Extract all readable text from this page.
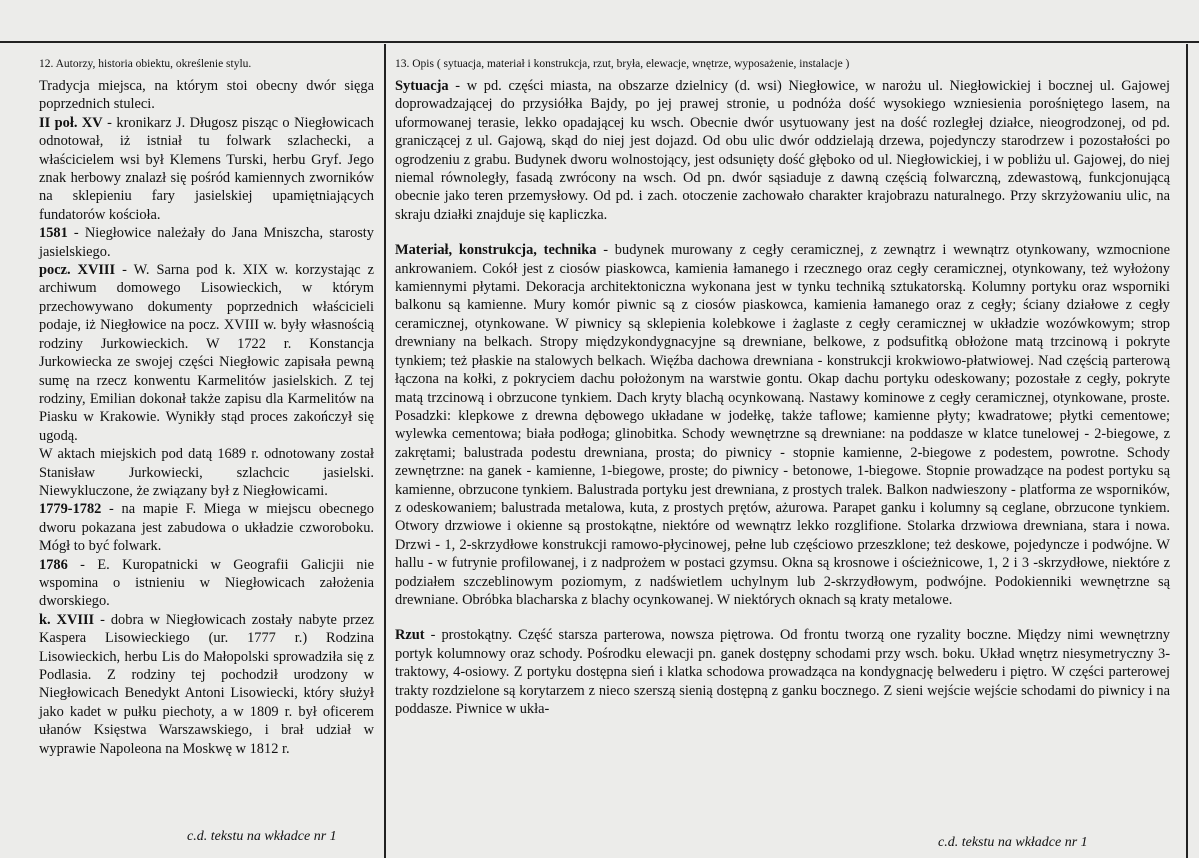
12. Autorzy, historia obiektu, określenie stylu.

Tradycja miejsca, na którym stoi obecny dwór sięga poprzednich stuleci.

II poł. XV - kronikarz J. Długosz pisząc o Niegłowicach odnotował, iż istniał tu folwark szlachecki, a właścicielem wsi był Klemens Turski, herbu Gryf. Jego znak herbowy znalazł się pośród kamiennych zworników na sklepieniu fary jasielskiej upamiętniających fundatorów kościoła.

1581 - Niegłowice należały do Jana Mniszcha, starosty jasielskiego.

pocz. XVIII - W. Sarna pod k. XIX w. korzystając z archiwum domowego Lisowieckich, w którym przechowywano dokumenty poprzednich właścicieli podaje, iż Niegłowice na pocz. XVIII w. były własnością rodziny Jurkowieckich. W 1722 r. Konstancja Jurkowiecka ze swojej części Niegłowic zapisała pewną sumę na rzecz konwentu Karmelitów jasielskich. Z tej rodziny, Emilian dokonał także zapisu dla Karmelitów na Piasku w Krakowie. Wynikły stąd proces zakończył się ugodą.

W aktach miejskich pod datą 1689 r. odnotowany został Stanisław Jurkowiecki, szlachcic jasielski. Niewykluczone, że związany był z Niegłowicami.

1779-1782 - na mapie F. Miega w miejscu obecnego dworu pokazana jest zabudowa o układzie czworoboku. Mógł to być folwark.

1786 - E. Kuropatnicki w Geografii Galicjii nie wspomina o istnieniu w Niegłowicach założenia dworskiego.

k. XVIII - dobra w Niegłowicach zostały nabyte przez Kaspera Lisowieckiego (ur. 1777 r.) Rodzina Lisowieckich, herbu Lis do Małopolski sprowadziła się z Podlasia. Z rodziny tej pochodził urodzony w Niegłowicach Benedykt Antoni Lisowiecki, który służył jako kadet w pułku piechoty, a w 1809 r. był oficerem ułanów Księstwa Warszawskiego, i brał udział w wyprawie Napoleona na Moskwę w 1812 r.

13. Opis ( sytuacja, materiał i konstrukcja, rzut, bryła, elewacje, wnętrze, wyposażenie, instalacje )

Sytuacja - w pd. części miasta, na obszarze dzielnicy (d. wsi) Niegłowice, w narożu ul. Niegłowickiej i bocznej ul. Gajowej doprowadzającej do przysiółka Bajdy, po jej prawej stronie, u podnóża dość wysokiego wzniesienia porośniętego lasem, na uformowanej terasie, lekko opadającej ku wsch. Obecnie dwór usytuowany jest na dość rozległej działce, nieogrodzonej, od pd. graniczącej z ul. Gajową, skąd do niej jest dojazd. Od obu ulic dwór oddzielają drzewa, pojedynczy starodrzew i pozostałości po ogrodzeniu z grabu. Budynek dworu wolnostojący, jest odsunięty dość głęboko od ul. Niegłowickiej, i w pobliżu ul. Gajowej, do niej niemal równoległy, fasadą zwrócony na wsch. Od pn. dwór sąsiaduje z dawną częścią folwarczną, zdewastową, funkcjonującą obecnie jako teren przemysłowy. Od pd. i zach. otoczenie zachowało charakter krajobrazu naturalnego. Przy skrzyżowaniu ulic, na skraju działki znajduje się kapliczka.

Materiał, konstrukcja, technika - budynek murowany z cegły ceramicznej, z zewnątrz i wewnątrz otynkowany, wzmocnione ankrowaniem. Cokół jest z ciosów piaskowca, kamienia łamanego i rzecznego oraz cegły ceramicznej, otynkowany, też wyłożony kamiennymi płytami. Dekoracja architektoniczna wykonana jest w tynku techniką sztukatorską. Kolumny portyku oraz wsporniki balkonu są kamienne. Mury komór piwnic są z ciosów piaskowca, kamienia łamanego oraz z cegły; ściany działowe z cegły ceramicznej, otynkowane. W piwnicy są sklepienia kolebkowe i żaglaste z cegły ceramicznej w układzie wozówkowym; strop drewniany na belkach. Stropy międzykondygnacyjne są drewniane, belkowe, z podsufitką obłożone matą trzcinową i pokryte tynkiem; też płaskie na stalowych belkach. Więźba dachowa drewniana - konstrukcji krokwiowo-płatwiowej. Nad częścią parterową łączona na kołki, z pokryciem dachu położonym na warstwie gontu. Okap dachu portyku odeskowany; pozostałe z cegły, pokryte matą trzcinową i obrzucone tynkiem. Dach kryty blachą ocynkowaną. Nastawy kominowe z cegły ceramicznej, otynkowane, proste. Posadzki: klepkowe z drewna dębowego układane w jodełkę, także taflowe; kamienne płyty; kwadratowe; płytki cementowe; wylewka cementowa; biała podłoga; glinobitka. Schody wewnętrzne są drewniane: na poddasze w klatce tunelowej - 2-biegowe, z zakrętami; balustrada podestu drewniana, prosta; do piwnicy - stopnie kamienne, 2-biegowe z podestem, powrotne. Schody zewnętrzne: na ganek - kamienne, 1-biegowe, proste; do piwnicy - betonowe, 1-biegowe. Stopnie prowadzące na podest portyku są kamienne, obrzucone tynkiem. Balustrada portyku jest drewniana, z prostych tralek. Balkon nadwieszony - platforma ze wsporników, z odeskowaniem; balustrada metalowa, kuta, z prostych prętów, ażurowa. Parapet ganku i kolumny są ceglane, obrzucone tynkiem. Otwory drzwiowe i okienne są prostokątne, niektóre od wewnątrz lekko rozglifione. Stolarka drzwiowa drewniana, stara i nowa. Drzwi - 1, 2-skrzydłowe konstrukcji ramowo-płycinowej, pełne lub częściowo przeszklone; też deskowe, pojedyncze i podwójne. W hallu - w futrynie profilowanej, i z nadprożem w postaci gzymsu. Okna są krosnowe i ościeżnicowe, 1, 2 i 3 -skrzydłowe, niektóre z podziałem szczeblinowym poziomym, z nadświetlem uchylnym lub 2-skrzydłowym, podwójne. Podokienniki wewnętrzne są drewniane. Obróbka blacharska z blachy ocynkowanej. W niektórych oknach są kraty metalowe.

Rzut - prostokątny. Część starsza parterowa, nowsza piętrowa. Od frontu tworzą one ryzality boczne. Między nimi wewnętrzny portyk kolumnowy oraz schody. Pośrodku elewacji pn. ganek dostępny schodami przy wsch. boku. Układ wnętrz niesymetryczny 3-traktowy, 4-osiowy. Z portyku dostępna sień i klatka schodowa prowadząca na kondygnację belwederu i piętro. W części parterowej trakty rozdzielone są korytarzem z nieco szerszą sienią dostępną z ganku bocznego. Z sieni wejście wejście schodami do piwnicy i na poddasze. Piwnice w ukła-

c.d. tekstu na wkładce nr 1	c.d. tekstu na wkładce nr 1
